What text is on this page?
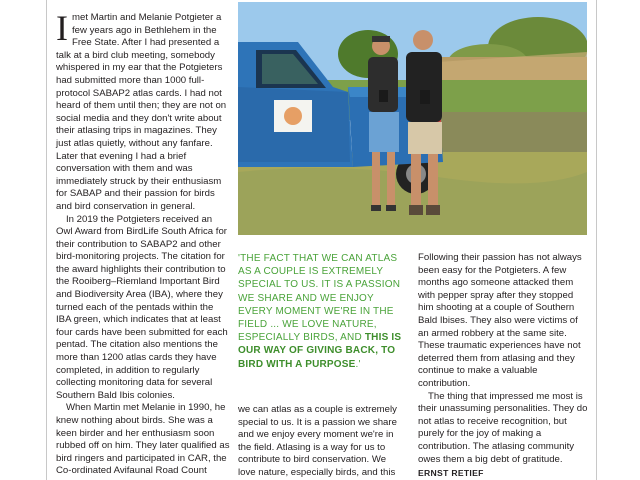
Imet Martin and Melanie Potgieter a few years ago in Bethlehem in the Free State. After I had presented a talk at a bird club meeting, somebody whispered in my ear that the Potgieters had submitted more than 1000 full-protocol SABAP2 atlas cards. I had not heard of them until then; they are not on social media and they don't write about their atlasing trips in magazines. They just atlas quietly, without any fanfare. Later that evening I had a brief conversation with them and was immediately struck by their enthusiasm for SABAP and their passion for birds and bird conservation in general.

In 2019 the Potgieters received an Owl Award from BirdLife South Africa for their contribution to SABAP2 and other bird-monitoring projects. The citation for the award highlights their contribution to the Rooiberg–Riemland Important Bird and Biodiversity Area (IBA), where they turned each of the pentads within the IBA green, which indicates that at least four cards have been submitted for each pentad. The citation also mentions the more than 1200 atlas cards they have completed, in addition to regularly collecting monitoring data for several Southern Bald Ibis colonies.

When Martin met Melanie in 1990, he knew nothing about birds. She was a keen birder and her enthusiasm soon rubbed off on him. They later qualified as bird ringers and participated in CAR, the Co-ordinated Avifaunal Road Count

'THE FACT THAT WE CAN ATLAS AS A COUPLE IS EXTREMELY SPECIAL TO US. IT IS A PASSION WE SHARE AND WE ENJOY EVERY MOMENT WE'RE IN THE FIELD ... WE LOVE NATURE, ESPECIALLY BIRDS, AND THIS IS OUR WAY OF GIVING BACK, TO BIRD WITH A PURPOSE.'

we can atlas as a couple is extremely special to us. It is a passion we share and we enjoy every moment we're in the field. Atlasing is a way for us to contribute to bird conservation. We love nature, especially birds, and this

Following their passion has not always been easy for the Potgieters. A few months ago someone attacked them with pepper spray after they stopped him shooting at a couple of Southern Bald Ibises. They also were victims of an armed robbery at the same site. These traumatic experiences have not deterred them from atlasing and they continue to make a valuable contribution.

The thing that impressed me most is their unassuming personalities. They do not atlas to receive recognition, but purely for the joy of making a contribution. The atlasing community owes them a big debt of gratitude.

ERNST RETIEF
